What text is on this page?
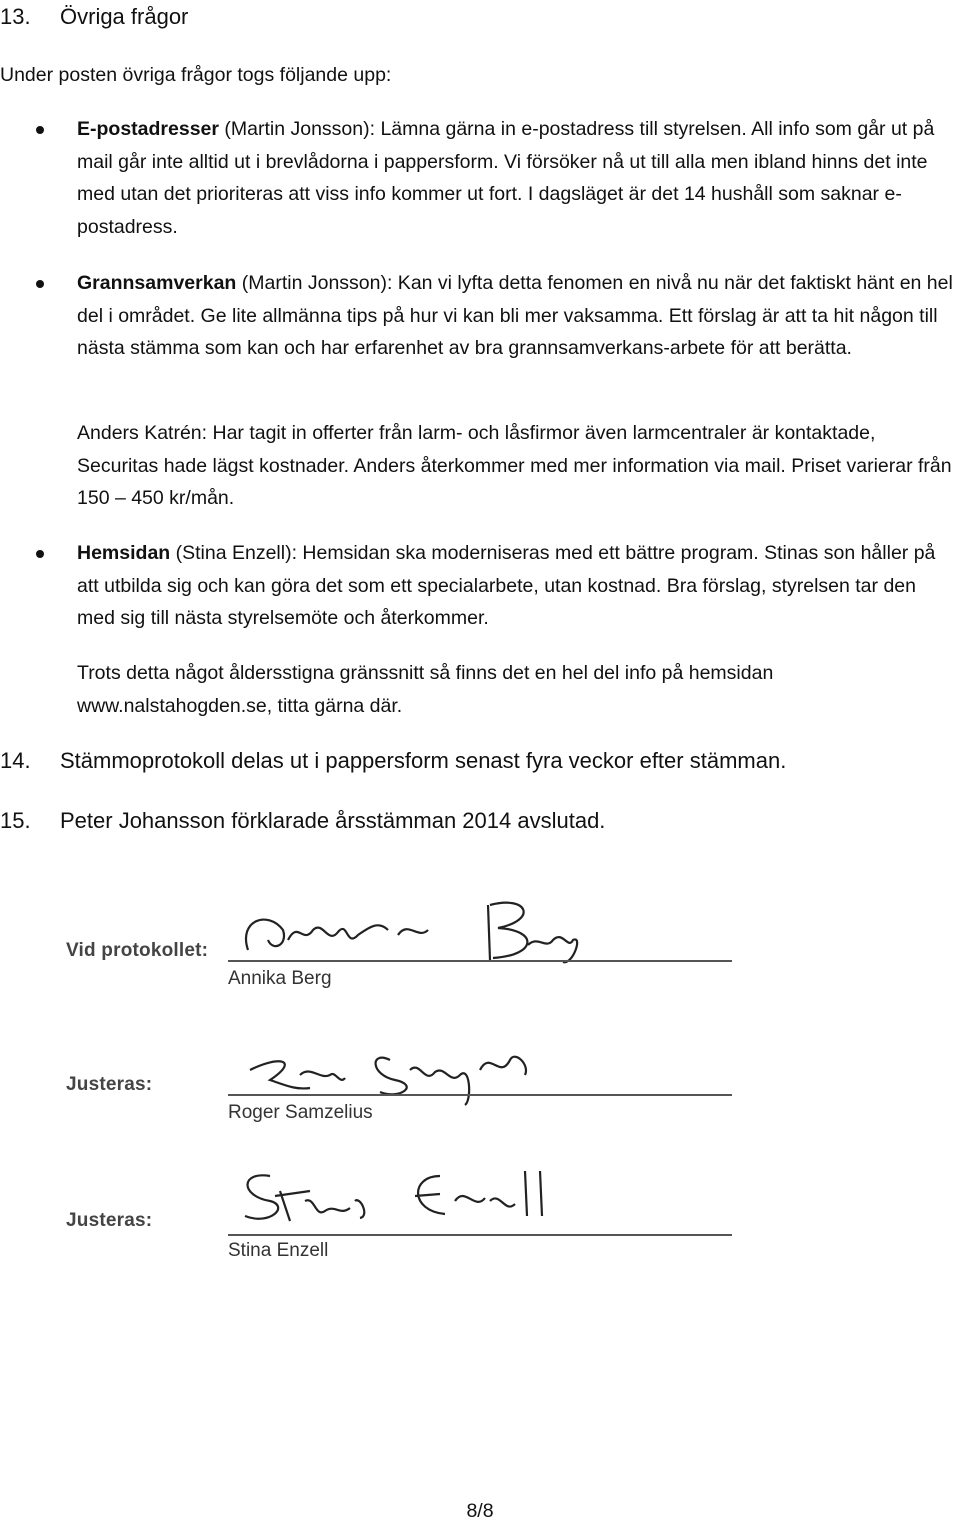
13. Övriga frågor
Under posten övriga frågor togs följande upp:
E-postadresser (Martin Jonsson): Lämna gärna in e-postadress till styrelsen. All info som går ut på mail går inte alltid ut i brevlådorna i pappersform. Vi försöker nå ut till alla men ibland hinns det inte med utan det prioriteras att viss info kommer ut fort. I dagsläget är det 14 hushåll som saknar e-postadress.
Grannsamverkan (Martin Jonsson): Kan vi lyfta detta fenomen en nivå nu när det faktiskt hänt en hel del i området. Ge lite allmänna tips på hur vi kan bli mer vaksamma. Ett förslag är att ta hit någon till nästa stämma som kan och har erfarenhet av bra grannsamverkans-arbete för att berätta.
Anders Katrén: Har tagit in offerter från larm- och låsfirmor även larmcentraler är kontaktade, Securitas hade lägst kostnader. Anders återkommer med mer information via mail. Priset varierar från 150 – 450 kr/mån.
Hemsidan (Stina Enzell): Hemsidan ska moderniseras med ett bättre program. Stinas son håller på att utbilda sig och kan göra det som ett specialarbete, utan kostnad. Bra förslag, styrelsen tar den med sig till nästa styrelsemöte och återkommer.
Trots detta något åldersstigna gränssnitt så finns det en hel del info på hemsidan www.nalstahogden.se, titta gärna där.
14. Stämmoprotokoll delas ut i pappersform senast fyra veckor efter stämman.
15. Peter Johansson förklarade årsstämman 2014 avslutad.
Vid protokollet:
Annika Berg
Justeras:
Roger Samzelius
Justeras:
Stina Enzell
8/8
